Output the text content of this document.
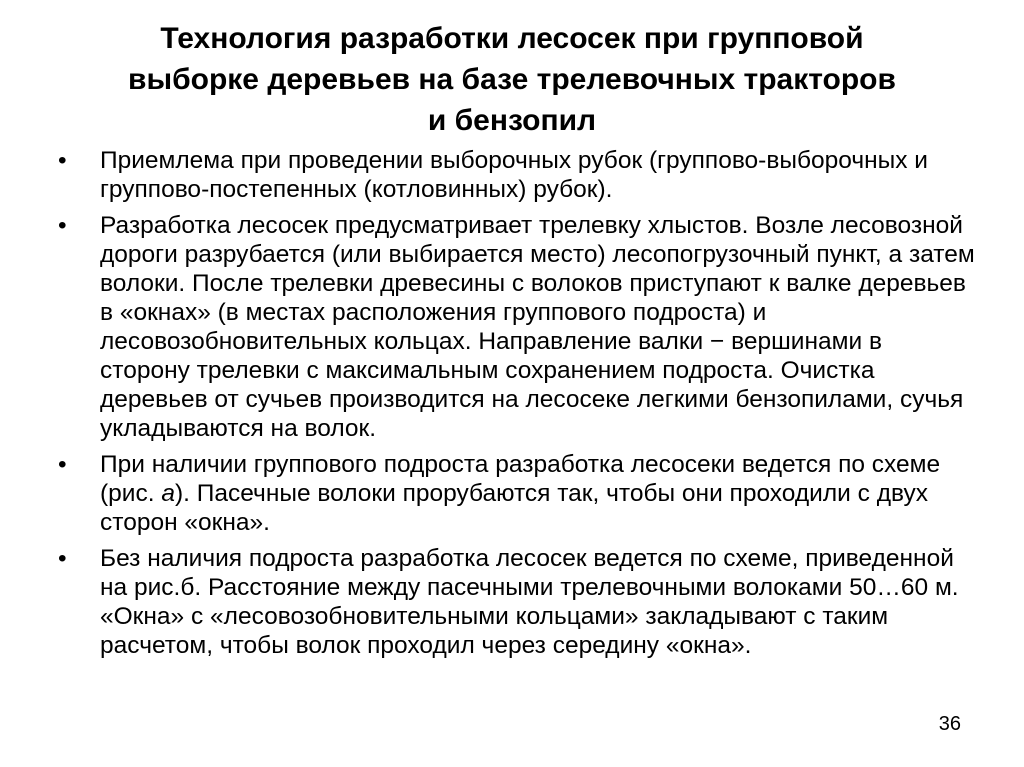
Технология разработки лесосек при групповой
выборке деревьев на базе трелевочных тракторов
и бензопил
•	Приемлема при проведении выборочных рубок (группово-выборочных и группово-постепенных (котловинных) рубок).
•	Разработка лесосек предусматривает трелевку хлыстов. Возле лесовозной дороги разрубается (или выбирается место) лесопогрузочный пункт, а затем волоки. После трелевки древесины с волоков приступают к валке деревьев в «окнах» (в местах расположения группового подроста) и лесовозобновительных кольцах. Направление валки − вершинами в сторону трелевки с максимальным сохранением подроста. Очистка деревьев от сучьев производится на лесосеке легкими бензопилами, сучья укладываются на волок.
•	При наличии группового подроста разработка лесосеки ведется по схеме (рис. а). Пасечные волоки прорубаются так, чтобы они проходили с двух сторон «окна».
•	Без наличия подроста разработка лесосек ведется по схеме, приведенной на рис.б. Расстояние между пасечными трелевочными волоками 50…60 м. «Окна» с «лесовозобновительными кольцами» закладывают с таким расчетом, чтобы волок проходил через середину «окна».
36
